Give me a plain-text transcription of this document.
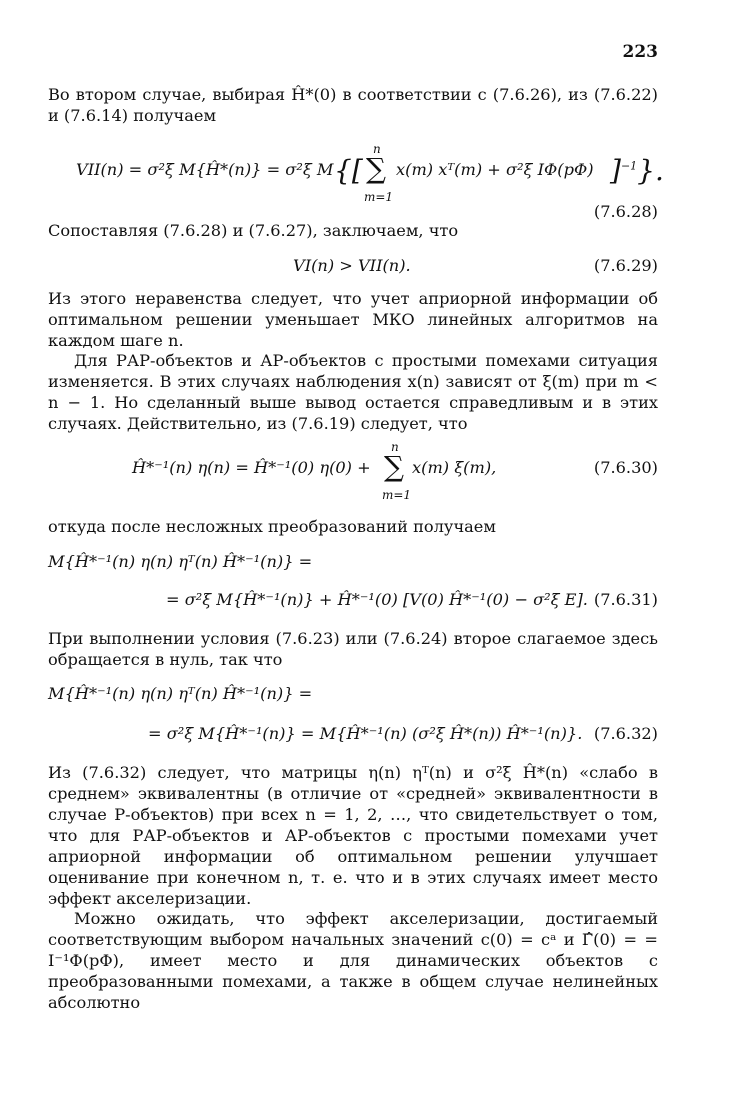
223
Во втором случае, выбирая Ĥ*(0) в соответствии с (7.6.26), из (7.6.22) и (7.6.14) получаем
VII(n) = σ²ξ M{Ĥ*(n)} = σ²ξ M {[ ∑
n
m=1
x(m) xᵀ(m) + σ²ξ IΦ(pΦ) ]$^{-1}$}.
(7.6.28)
Сопоставляя (7.6.28) и (7.6.27), заключаем, что
VI(n) > VII(n).	(7.6.29)
Из этого неравенства следует, что учет априорной информации об оптимальном решении уменьшает МКО линейных алгоритмов на каждом шаге n.
Для РАР-объектов и АР-объектов с простыми помехами ситуация изменяется. В этих случаях наблюдения x(n) зависят от ξ(m) при m < n − 1. Но сделанный выше вывод остается справедливым и в этих случаях. Действительно, из (7.6.19) следует, что
Ĥ*⁻¹(n) η(n) = Ĥ*⁻¹(0) η(0) + ∑
n
m=1
x(m) ξ(m),	(7.6.30)
откуда после несложных преобразований получаем
M{Ĥ*⁻¹(n) η(n) ηᵀ(n) Ĥ*⁻¹(n)} =
= σ²ξ M{Ĥ*⁻¹(n)} + Ĥ*⁻¹(0) [V(0) Ĥ*⁻¹(0) − σ²ξ E]. (7.6.31)
При выполнении условия (7.6.23) или (7.6.24) второе слагаемое здесь обращается в нуль, так что
M{Ĥ*⁻¹(n) η(n) ηᵀ(n) Ĥ*⁻¹(n)} =
= σ²ξ M{Ĥ*⁻¹(n)} = M{Ĥ*⁻¹(n) (σ²ξ Ĥ*(n)) Ĥ*⁻¹(n)}. (7.6.32)
Из (7.6.32) следует, что матрицы η(n) ηᵀ(n) и σ²ξ Ĥ*(n) «слабо в среднем» эквивалентны (в отличие от «средней» эквивалентности в случае Р-объектов) при всех n = 1, 2, …, что свидетельствует о том, что для РАР-объектов и АР-объектов с простыми помехами учет априорной информации об оптимальном решении улучшает оценивание при конечном n, т. е. что и в этих случаях имеет место эффект акселеризации.
Можно ожидать, что эффект акселеризации, достигаемый соответствующим выбором начальных значений c(0) = cᵃ и Γ̂(0) = = I⁻¹Φ(pΦ), имеет место и для динамических объектов с преобразованными помехами, а также в общем случае нелинейных абсолютно
